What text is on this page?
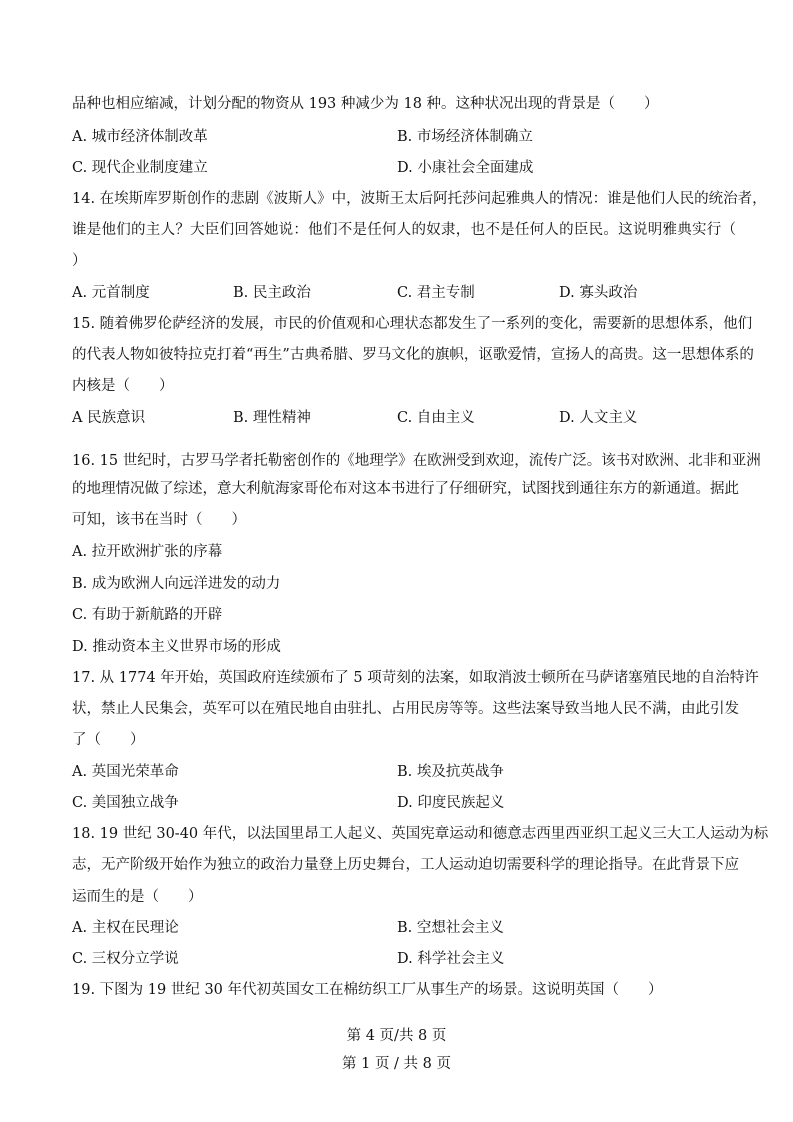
品种也相应缩减，计划分配的物资从 193 种减少为 18 种。这种状况出现的背景是（　　）
A. 城市经济体制改革	B. 市场经济体制确立
C. 现代企业制度建立	D. 小康社会全面建成
14. 在埃斯库罗斯创作的悲剧《波斯人》中，波斯王太后阿托莎问起雅典人的情况：谁是他们人民的统治者，
谁是他们的主人？大臣们回答她说：他们不是任何人的奴隶，也不是任何人的臣民。这说明雅典实行（
）
A. 元首制度	B. 民主政治	C. 君主专制	D. 寡头政治
15. 随着佛罗伦萨经济的发展，市民的价值观和心理状态都发生了一系列的变化，需要新的思想体系，他们
的代表人物如彼特拉克打着“再生”古典希腊、罗马文化的旗帜，讴歌爱情，宣扬人的高贵。这一思想体系的
内核是（　　）
A 民族意识	B. 理性精神	C. 自由主义	D. 人文主义
16. 15 世纪时，古罗马学者托勒密创作的《地理学》在欧洲受到欢迎，流传广泛。该书对欧洲、北非和亚洲
的地理情况做了综述，意大利航海家哥伦布对这本书进行了仔细研究，试图找到通往东方的新通道。据此
可知，该书在当时（　　）
A. 拉开欧洲扩张的序幕
B. 成为欧洲人向远洋进发的动力
C. 有助于新航路的开辟
D. 推动资本主义世界市场的形成
17. 从 1774 年开始，英国政府连续颁布了 5 项苛刻的法案，如取消波士顿所在马萨诸塞殖民地的自治特许
状，禁止人民集会，英军可以在殖民地自由驻扎、占用民房等等。这些法案导致当地人民不满，由此引发
了（　　）
A. 英国光荣革命	B. 埃及抗英战争
C. 美国独立战争	D. 印度民族起义
18. 19 世纪 30-40 年代，以法国里昂工人起义、英国宪章运动和德意志西里西亚织工起义三大工人运动为标
志，无产阶级开始作为独立的政治力量登上历史舞台，工人运动迫切需要科学的理论指导。在此背景下应
运而生的是（　　）
A. 主权在民理论	B. 空想社会主义
C. 三权分立学说	D. 科学社会主义
19. 下图为 19 世纪 30 年代初英国女工在棉纺织工厂从事生产的场景。这说明英国（　　）
第 4 页/共 8 页
第 1 页 / 共 8 页
